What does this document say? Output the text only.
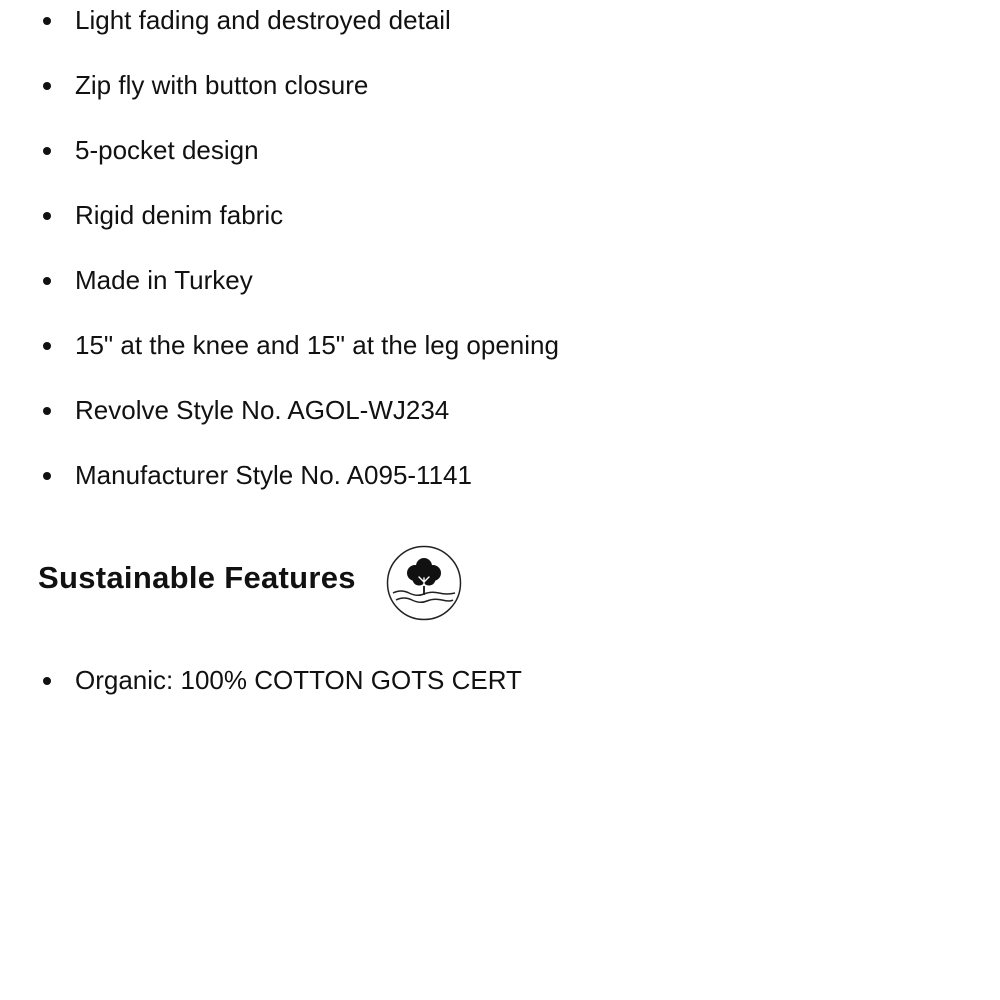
Light fading and destroyed detail
Zip fly with button closure
5-pocket design
Rigid denim fabric
Made in Turkey
15" at the knee and 15" at the leg opening
Revolve Style No. AGOL-WJ234
Manufacturer Style No. A095-1141
Sustainable Features
Organic: 100% COTTON GOTS CERT
